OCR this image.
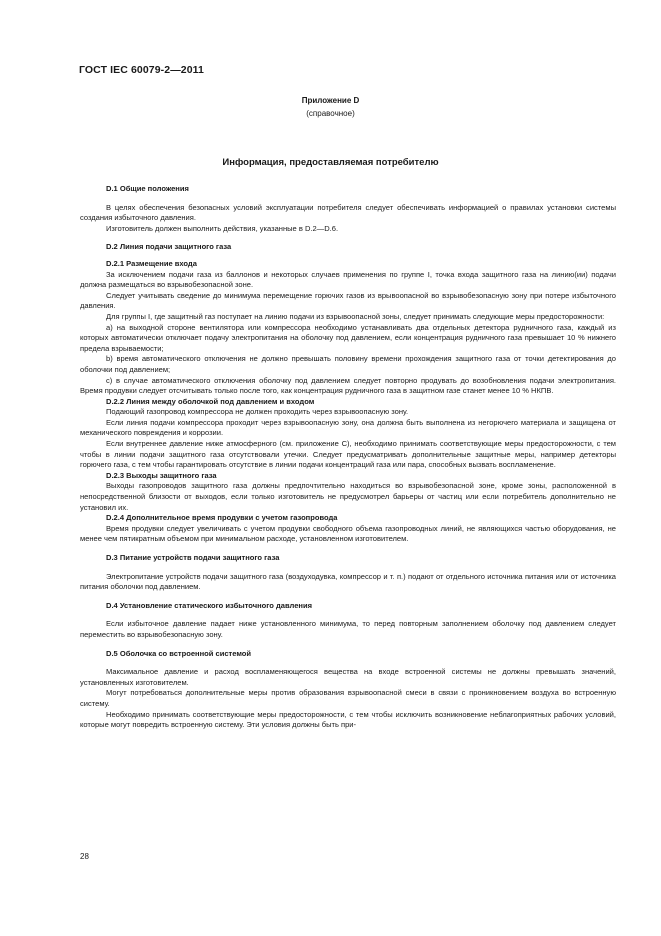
ГОСТ IEC 60079-2—2011
Приложение D
(справочное)
Информация, предоставляемая потребителю
D.1 Общие положения

В целях обеспечения безопасных условий эксплуатации потребителя следует обеспечивать информацией о правилах установки системы создания избыточного давления.

Изготовитель должен выполнить действия, указанные в D.2—D.6.

D.2 Линия подачи защитного газа
D.2.1 Размещение входа

За исключением подачи газа из баллонов и некоторых случаев применения по группе I, точка входа защитного газа на линию(ии) подачи должна размещаться во взрывобезопасной зоне.

Следует учитывать сведение до минимума перемещение горючих газов из врывоопасной во взрывобезопасную зону при потере избыточного давления.

Для группы I, где защитный газ поступает на линию подачи из взрывоопасной зоны, следует принимать следующие меры предосторожности:

а) на выходной стороне вентилятора или компрессора необходимо устанавливать два отдельных детектора рудничного газа, каждый из которых автоматически отключает подачу электропитания на оболочку под давлением, если концентрация рудничного газа превышает 10 % нижнего предела взрываемости;

b) время автоматического отключения не должно превышать половину времени прохождения защитного газа от точки детектирования до оболочки под давлением;

с) в случае автоматического отключения оболочку под давлением следует повторно продувать до возобновления подачи электропитания. Время продувки следует отсчитывать только после того, как концентрация рудничного газа в защитном газе станет менее 10 % НКПВ.

D.2.2 Линия между оболочкой под давлением и входом

Подающий газопровод компрессора не должен проходить через взрывоопасную зону.

Если линия подачи компрессора проходит через взрывоопасную зону, она должна быть выполнена из негорючего материала и защищена от механического повреждения и коррозии.

Если внутреннее давление ниже атмосферного (см. приложение С), необходимо принимать соответствующие меры предосторожности, с тем чтобы в линии подачи защитного газа отсутствовали утечки. Следует предусматривать дополнительные защитные меры, например детекторы горючего газа, с тем чтобы гарантировать отсутствие в линии подачи концентраций газа или пара, способных вызвать воспламенение.

D.2.3 Выходы защитного газа

Выходы газопроводов защитного газа должны предпочтительно находиться во взрывобезопасной зоне, кроме зоны, расположенной в непосредственной близости от выходов, если только изготовитель не предусмотрел барьеры от частиц или если потребитель дополнительно не установил их.

D.2.4 Дополнительное время продувки с учетом газопровода

Время продувки следует увеличивать с учетом продувки свободного объема газопроводных линий, не являющихся частью оборудования, не менее чем пятикратным объемом при минимальном расходе, установленном изготовителем.

D.3 Питание устройств подачи защитного газа

Электропитание устройств подачи защитного газа (воздуходувка, компрессор и т. п.) подают от отдельного источника питания или от источника питания оболочки под давлением.

D.4 Установление статического избыточного давления

Если избыточное давление падает ниже установленного минимума, то перед повторным заполнением оболочку под давлением следует переместить во взрывобезопасную зону.

D.5 Оболочка со встроенной системой

Максимальное давление и расход воспламеняющегося вещества на входе встроенной системы не должны превышать значений, установленных изготовителем.

Могут потребоваться дополнительные меры против образования взрывоопасной смеси в связи с проникновением воздуха во встроенную систему.

Необходимо принимать соответствующие меры предосторожности, с тем чтобы исключить возникновение неблагоприятных рабочих условий, которые могут повредить встроенную систему. Эти условия должны быть при-

28
